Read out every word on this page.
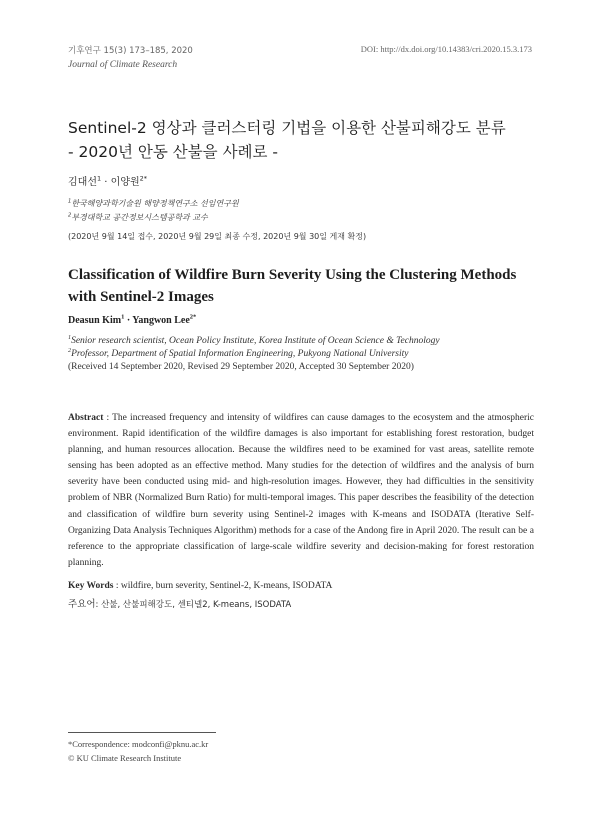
기후연구 15(3) 173–185, 2020
Journal of Climate Research
DOI: http://dx.doi.org/10.14383/cri.2020.15.3.173
Sentinel-2 영상과 클러스터링 기법을 이용한 산불피해강도 분류
- 2020년 안동 산불을 사례로 -
김대선$^1$ · 이양원$^{2*}$
$^1$한국해양과학기술원 해양정책연구소 선임연구원
$^2$부경대학교 공간정보시스템공학과 교수
(2020년 9월 14일 접수, 2020년 9월 29일 최종 수정, 2020년 9월 30일 게재 확정)
Classification of Wildfire Burn Severity Using the Clustering Methods
with Sentinel-2 Images
Deasun Kim$^1$ · Yangwon Lee$^{2*}$
$^1$Senior research scientist, Ocean Policy Institute, Korea Institute of Ocean Science & Technology
$^2$Professor, Department of Spatial Information Engineering, Pukyong National University
(Received 14 September 2020, Revised 29 September 2020, Accepted 30 September 2020)
Abstract : The increased frequency and intensity of wildfires can cause damages to the ecosystem and the atmospheric environment. Rapid identification of the wildfire damages is also important for establishing forest restoration, budget planning, and human resources allocation. Because the wildfires need to be examined for vast areas, satellite remote sensing has been adopted as an effective method. Many studies for the detection of wildfires and the analysis of burn severity have been conducted using mid- and high-resolution images. However, they had difficulties in the sensitivity problem of NBR (Normalized Burn Ratio) for multi-temporal images. This paper describes the feasibility of the detection and classification of wildfire burn severity using Sentinel-2 images with K-means and ISODATA (Iterative Self-Organizing Data Analysis Techniques Algorithm) methods for a case of the Andong fire in April 2020. The result can be a reference to the appropriate classification of large-scale wildfire severity and decision-making for forest restoration planning.
Key Words : wildfire, burn severity, Sentinel-2, K-means, ISODATA
주요어: 산불, 산불피해강도, 센티넬2, K-means, ISODATA
*Correspondence: modconfi@pknu.ac.kr
© KU Climate Research Institute
